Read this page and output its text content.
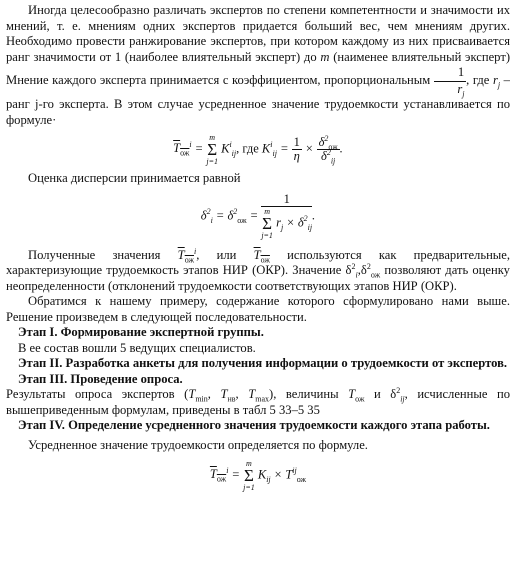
Иногда целесообразно различать экспертов по степени компетентности и значимости их мнений, т. е. мнениям одних экспертов придается больший вес, чем мнениям других. Необходимо провести ранжирование экспертов, при котором каждому из них присваивается ранг значимости от 1 (наиболее влиятельный эксперт) до m (наименее влиятельный эксперт) Мнение каждого эксперта принимается с коэффициентом, пропорциональным $\frac{1}{r_j}$ , где $r_j$ – ранг j-го эксперта. В этом случае усредненное значение трудоемкости устанавливается по формуле·

$T_{ож}^i$ =
m
Σ
j=1
$K^i_{ij}$, где $K^i_{ij} = \frac{1}{\eta} \times \frac{\delta^2_{ож}}{\delta^2_{ij}}$ .

Оценка дисперсии принимается равной

$\delta^2_i = \delta^2_{ож} = 1$
m
Σ
j=1
$r_j \times \delta^2_{ij}$ .

Полученные значения $T_{ож}^i$, или $T_{ож}$ используются как предварительные, характеризующие трудоемкость этапов НИР (ОКР). Значение $\delta^2_i,\delta^2_{ож}$ позволяют дать оценку неопределенности (отклонений трудоемкости соответствующих этапов НИР (ОКР).

Обратимся к нашему примеру, содержание которого сформулировано нами выше. Решение произведем в следующей последовательности.

Этап I. Формирование экспертной группы.

В ее состав вошли 5 ведущих специалистов.

Этап II. Разработка анкеты для получения информации о трудоемкости от экспертов.

Этап III. Проведение опроса.

Результаты опроса экспертов ($T_{min}$, $T_{нв}$, $T_{max}$), величины $T_{ож}$ и $\delta^2_{ij}$, исчисленные по вышеприведенным формулам, приведены в табл 5 33–5 35

Этап IV. Определение усредненного значения трудоемкости каждого этапа работы.

Усредненное значение трудоемкости определяется по формуле.

$T_{ож}^i$ =
m
Σ
j=1
$K_{ij} \times T^{ij}_{ож}$
